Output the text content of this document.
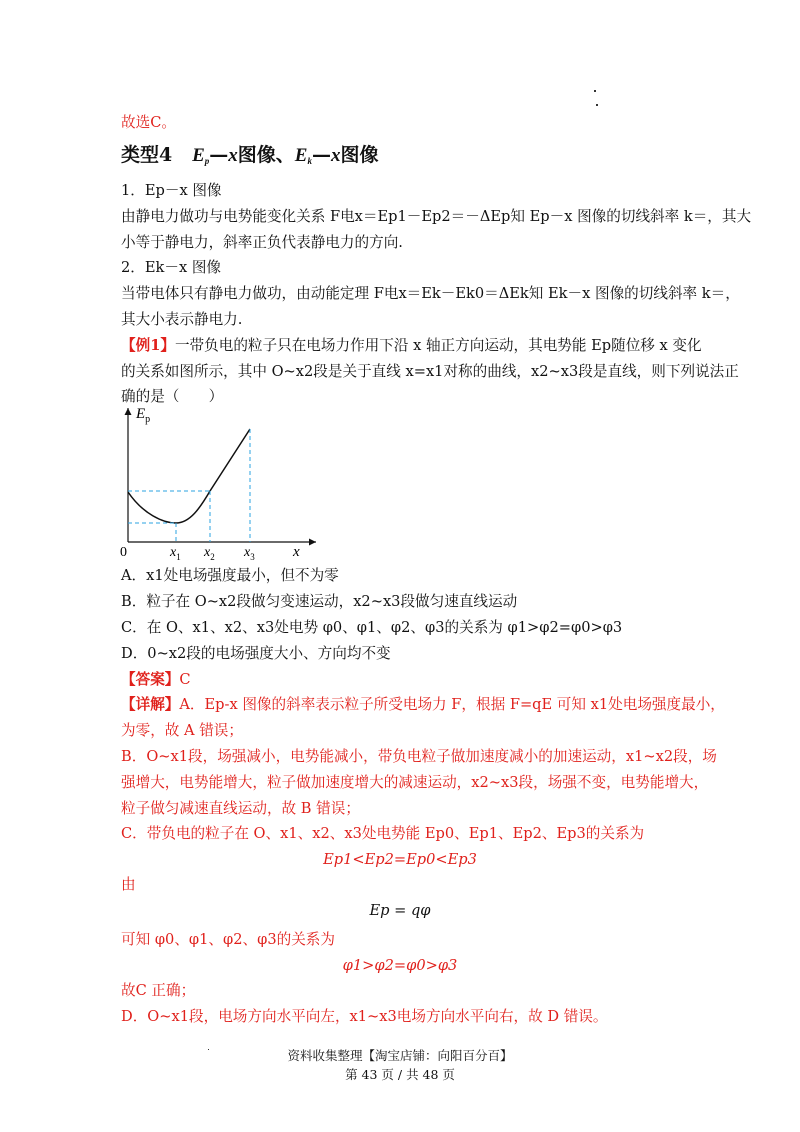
故选C。
类型4 $E_p—x$图像、$E_k—x$图像
1．Ep－x 图像
由静电力做功与电势能变化关系 F电x＝Ep1－Ep2＝－ΔEp知 Ep－x 图像的切线斜率 k＝，其大
小等于静电力，斜率正负代表静电力的方向.
2．Ek－x 图像
当带电体只有静电力做功，由动能定理 F电x＝Ek－Ek0＝ΔEk知 Ek－x 图像的切线斜率 k＝，
其大小表示静电力.
【例1】一带负电的粒子只在电场力作用下沿 x 轴正方向运动，其电势能 Ep随位移 x 变化
的关系如图所示，其中 O~x2段是关于直线 x=x1对称的曲线，x2~x3段是直线，则下列说法正
确的是（　　）
$E_p$
0	x
$x_1$ $x_2$ $x_3$
A．x1处电场强度最小，但不为零
B．粒子在 O~x2段做匀变速运动，x2~x3段做匀速直线运动
C．在 O、x1、x2、x3处电势 φ0、φ1、φ2、φ3的关系为 φ1>φ2=φ0>φ3
D．0~x2段的电场强度大小、方向均不变
【答案】C
【详解】A．Ep-x 图像的斜率表示粒子所受电场力 F，根据 F=qE 可知 x1处电场强度最小，
为零，故 A 错误；
B．O~x1段，场强减小，电势能减小，带负电粒子做加速度减小的加速运动，x1~x2段，场
强增大，电势能增大，粒子做加速度增大的减速运动，x2~x3段，场强不变，电势能增大，
粒子做匀减速直线运动，故 B 错误；
C．带负电的粒子在 O、x1、x2、x3处电势能 Ep0、Ep1、Ep2、Ep3的关系为
Ep1<Ep2=Ep0<Ep3
由
Ep = qφ
可知 φ0、φ1、φ2、φ3的关系为
φ1>φ2=φ0>φ3
故C 正确；
D．O~x1段，电场方向水平向左，x1~x3电场方向水平向右，故 D 错误。
资料收集整理【淘宝店铺：向阳百分百】
第 43 页 / 共 48 页
